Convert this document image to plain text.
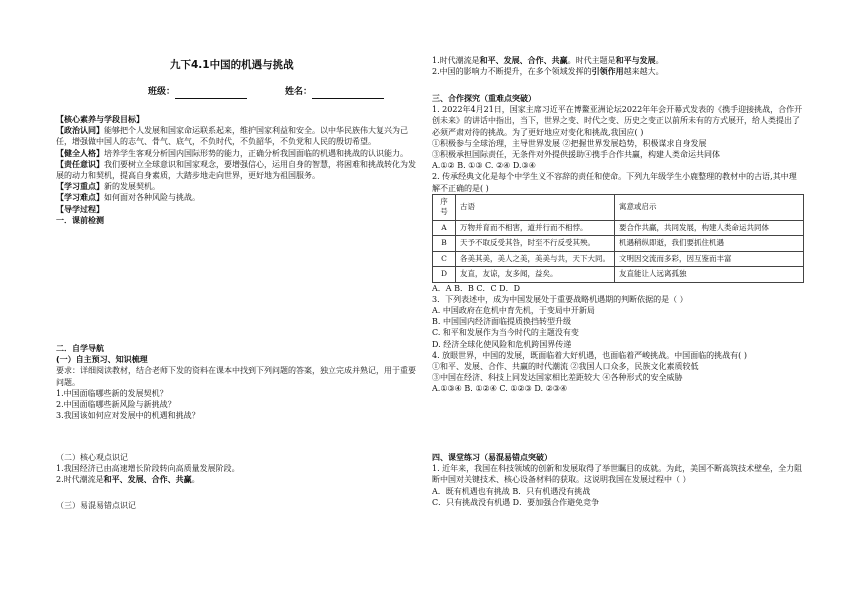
九下4.1中国的机遇与挑战
班级：	姓名：

【核心素养与学段目标】

【政治认同】能够把个人发展和国家命运联系起来，维护国家利益和安全。以中华民族伟大复兴为己任，增强做中国人的志气、骨气、底气，不负时代，不负韶华，不负党和人民的殷切希望。

【健全人格】培养学生客观分析国内国际形势的能力，正确分析我国面临的机遇和挑战的认识能力。

【责任意识】我们要树立全球意识和国家观念，要增强信心，运用自身的智慧，将困难和挑战转化为发展的动力和契机，提高自身素质，大踏步地走向世界，更好地为祖国服务。

【学习重点】新的发展契机。

【学习难点】如何面对各种风险与挑战。

【导学过程】

一．课前检测

二．自学导航

(一）自主预习、知识梳理

要求：详细阅读教材，结合老师下发的资料在课本中找到下列问题的答案，独立完成并熟记，用于重要问题。

1.中国面临哪些新的发展契机？

2.中国面临哪些新风险与新挑战？

3.我国该如何应对发展中的机遇和挑战？

（二）核心观点识记

1.我国经济已由高速增长阶段转向高质量发展阶段。

2.时代潮流是和平、发展、合作、共赢。

（三）易混易错点识记

1.时代潮流是和平、发展、合作、共赢。时代主题是和平与发展。

2.中国的影响力不断提升，在多个领域发挥的引领作用越来越大。

三、合作探究（重难点突破）

1. 2022年4月21日，国家主席习近平在博鳌亚洲论坛2022年年会开幕式发表的《携手迎接挑战，合作开创未来》的讲话中指出，当下，世界之变、时代之变、历史之变正以前所未有的方式展开，给人类提出了必须严肃对待的挑战。为了更好地应对变化和挑战,我国应( )

①积极参与全球治理，主导世界发展 ②把握世界发展趋势，积极谋求自身发展

③积极承担国际责任，无条件对外提供援助④携手合作共赢，构建人类命运共同体

A.①② B. ①③ C. ②④ D.③④

2. 传承经典文化是每个中学生义不容辞的责任和使命。下列九年级学生小鹿整理的教材中的古语,其中理解不正确的是( )

序号	古语	寓意或启示
A	万物并育而不相害，道并行而不相悖。	要合作共赢，共同发展，构建人类命运共同体
B	天予不取反受其咎，时至不行反受其殃。	机遇稍纵即逝，我们要抓住机遇
C	各美其美，美人之美，美美与共，天下大同。	文明因交流而多彩，因互鉴而丰富
D	友直，友谅，友多闻，益矣。	友直能让人远离孤独

A．A B．B C．C D．D

3．下列表述中，成为中国发展处于重要战略机遇期的判断依据的是（ ）

A. 中国政府在危机中育先机，于变局中开新局

B. 中国国内经济面临提质换挡转型升级

C. 和平和发展作为当今时代的主题没有变

D. 经济全球化使风险和危机跨国界传递

4. 放眼世界，中国的发展，既面临着大好机遇，也面临着严峻挑战。中国面临的挑战有( )

①和平、发展、合作、共赢的时代潮流 ②我国人口众多，民族文化素质较低

③中国在经济、科技上同发达国家相比差距较大 ④各种形式的安全威胁

A.①③④ B. ①②④ C. ①②③ D. ②③④

四、课堂练习（易混易错点突破）

1. 近年来，我国在科技领域的创新和发展取得了举世瞩目的成就。为此，美国不断高筑技术壁垒，全力阻断中国对关键技术、核心设备材料的获取。这说明我国在发展过程中（ ）

A．既有机遇也有挑战 B．只有机遇没有挑战

C．只有挑战没有机遇 D．要加强合作避免竞争
